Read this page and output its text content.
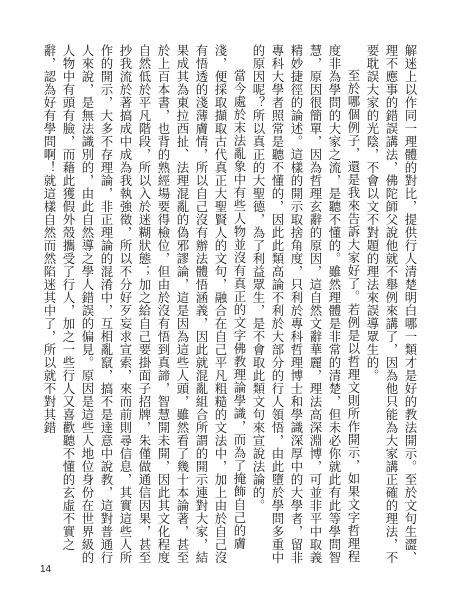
解迷上以作同一理體的對比，提供行人清楚明白哪一類才是好的教法開示。至於文句生澀、理不應事的錯誤講法，佛陀師父說他就不舉例來講了，因為他只能為大家講正確的理法，不要耽誤大家的光陰，不會以文不對題的理法來誤導眾生的。

至於哪個例子，還是我來告訴大家好了。若例是以哲理文則所作開示，如果文字哲理程度非為學問的大家之流，是聽不懂的。雖然理體是非常的清楚，但未必你就此有此等學問智慧，原因很簡單，因為哲理玄辭的原因，這自然文辭華麗，理法高深淵博，可並非平中取義精妙捷徑的論述。這樣的開示取捨角度，只利於專科哲理博士和學識深厚中的大學者，留非專科大學者照常是聽不懂的，因此此類高論不利於大部分的行人領悟，由此墮於學問多重中的原因呢？所以真正的大聖德，為了利益眾生，是不會取此類文句來宣說法論的。

當今處於末法亂象中有些人物並沒有真正的文字佛教理論學識，而為了掩飾自己的膚淺，便採取擷取古代真正大聖賢人的文句，融合在自己平凡粗糙的文法中，加上由於自己沒有悟透的淺薄膚情，所以自己沒有辦法體悟涵義，因此就混亂組合所謂的開示連對大家，結果成其為東拉西扯、法理混亂的偽邪謬論，這是因為這些人頭，雖然看了幾十本論著，甚至於上百本書，也背的熟經場要得檢位，但由於沒有悟到真諦，智慧開未開，因此其文化程度自然低於平凡階段，所以入於迷糊狀態；加之給自己要掛面子招牌，朱僅做通信因果，甚至抄我流於著搞成中成為我執強徵，所以不分好歹妄求宣索，來而前則尋信息，其實這些人所作的開示，大多不存理論，非正理論的混淆中，互相亂竄，搞不是達意中說教，這對普通行人來說，是無法識別的，由此自然導之學人錯誤的偏見。原因是這些人地位身份在世界級的人物中有頭有臉，而藉此獲假外殼攜受了行人，加之一些行人又喜歡聽不懂的玄虛不實之辭，認為好有學問啊！就這樣自然而然陷迷其中了，所以就不對其錯

14
